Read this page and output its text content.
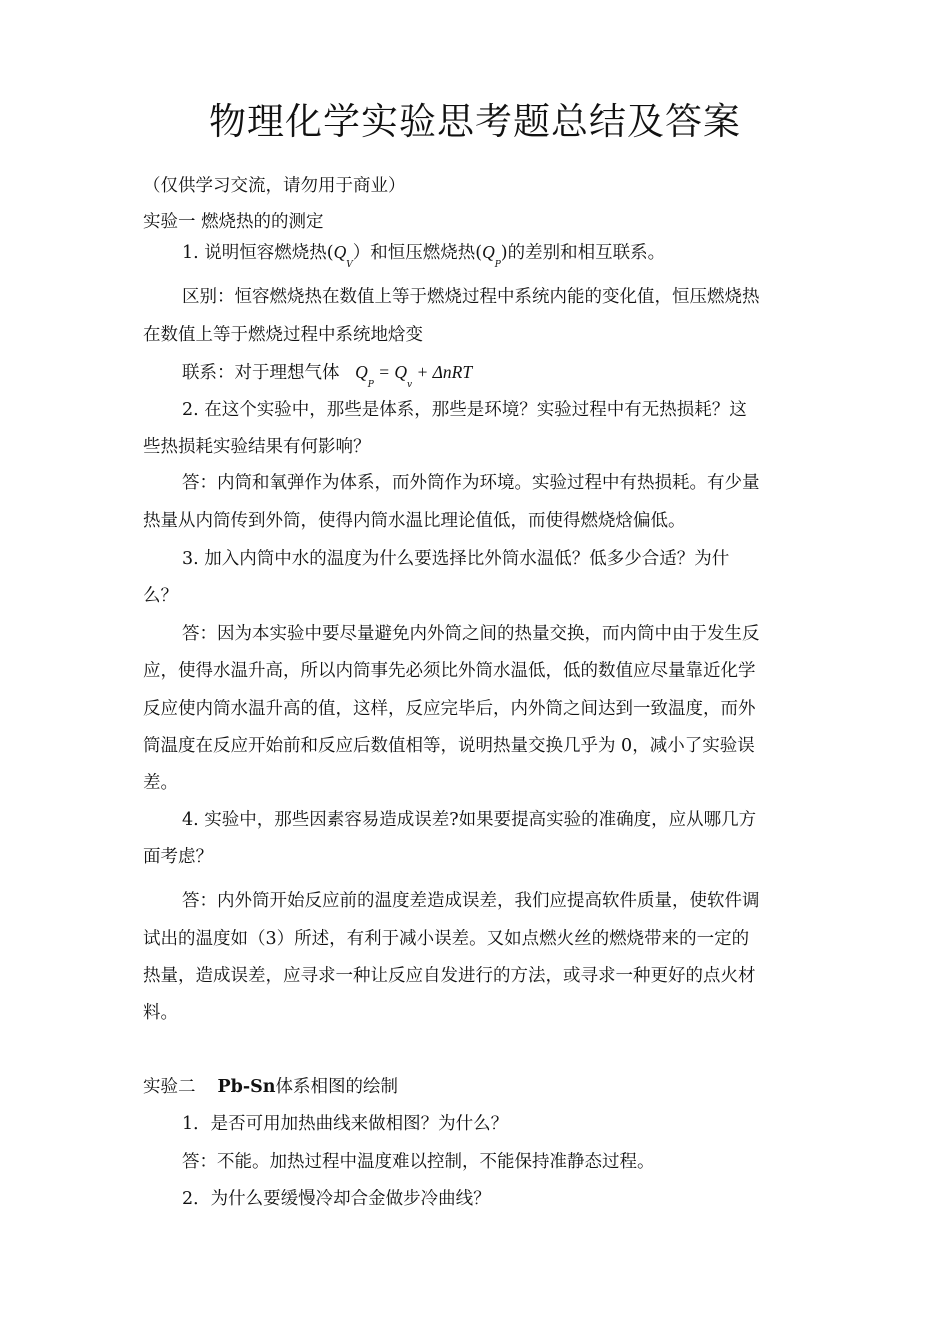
物理化学实验思考题总结及答案
（仅供学习交流，请勿用于商业）
实验一 燃烧热的的测定
1. 说明恒容燃烧热$(Q_V)$和恒压燃烧热$(Q_P)$的差别和相互联系。
区别：恒容燃烧热在数值上等于燃烧过程中系统内能的变化值，恒压燃烧热
在数值上等于燃烧过程中系统地焓变
联系：对于理想气体 $Q_P = Q_v + \Delta nRT$
2. 在这个实验中，那些是体系，那些是环境？实验过程中有无热损耗？这
些热损耗实验结果有何影响？
答：内筒和氧弹作为体系，而外筒作为环境。实验过程中有热损耗。有少量
热量从内筒传到外筒，使得内筒水温比理论值低，而使得燃烧焓偏低。
3. 加入内筒中水的温度为什么要选择比外筒水温低？低多少合适？为什
么？
答：因为本实验中要尽量避免内外筒之间的热量交换，而内筒中由于发生反
应，使得水温升高，所以内筒事先必须比外筒水温低，低的数值应尽量靠近化学
反应使内筒水温升高的值，这样，反应完毕后，内外筒之间达到一致温度，而外
筒温度在反应开始前和反应后数值相等，说明热量交换几乎为 0，减小了实验误
差。
4. 实验中，那些因素容易造成误差?如果要提高实验的准确度，应从哪几方
面考虑？
答：内外筒开始反应前的温度差造成误差，我们应提高软件质量，使软件调
试出的温度如（3）所述，有利于减小误差。又如点燃火丝的燃烧带来的一定的
热量，造成误差，应寻求一种让反应自发进行的方法，或寻求一种更好的点火材
料。
实验二 Pb-Sn体系相图的绘制
1．是否可用加热曲线来做相图？为什么？
答：不能。加热过程中温度难以控制，不能保持准静态过程。
2．为什么要缓慢冷却合金做步冷曲线？
